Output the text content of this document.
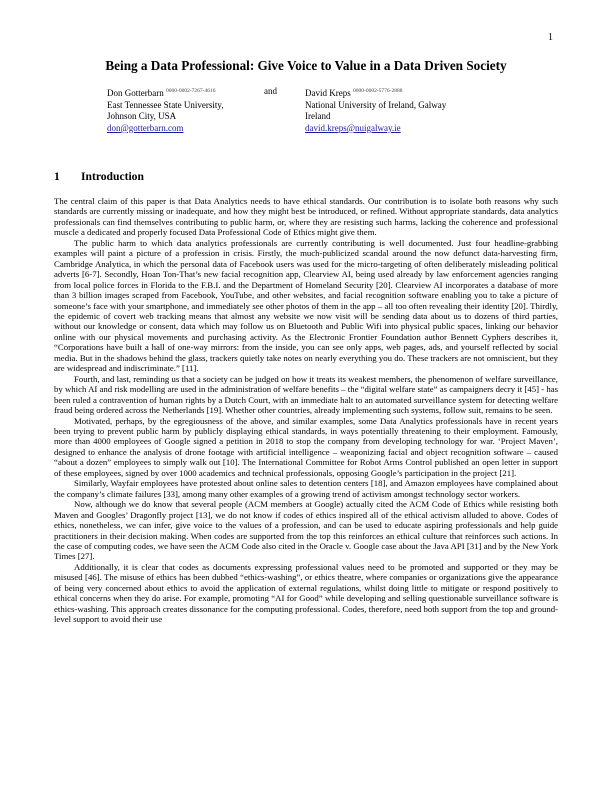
1
Being a Data Professional: Give Voice to Value in a Data Driven Society
Don Gotterbarn $^{0000-0002-7267-4616}$
East Tennessee State University,
Johnson City, USA
don@gotterbarn.com
and	David Kreps $^{0000-0002-5776-2888}$
National University of Ireland, Galway
Ireland
david.kreps@nuigalway.ie
1 Introduction

The central claim of this paper is that Data Analytics needs to have ethical standards. Our contribution is to isolate both reasons why such standards are currently missing or inadequate, and how they might best be introduced, or refined. Without appropriate standards, data analytics professionals can find themselves contributing to public harm, or, where they are resisting such harms, lacking the coherence and professional muscle a dedicated and properly focused Data Professional Code of Ethics might give them.

The public harm to which data analytics professionals are currently contributing is well documented. Just four headline-grabbing examples will paint a picture of a profession in crisis. Firstly, the much-publicized scandal around the now defunct data-harvesting firm, Cambridge Analytica, in which the personal data of Facebook users was used for the micro-targeting of often deliberately misleading political adverts [6-7]. Secondly, Hoan Ton-That’s new facial recognition app, Clearview AI, being used already by law enforcement agencies ranging from local police forces in Florida to the F.B.I. and the Department of Homeland Security [20]. Clearview AI incorporates a database of more than 3 billion images scraped from Facebook, YouTube, and other websites, and facial recognition software enabling you to take a picture of someone’s face with your smartphone, and immediately see other photos of them in the app – all too often revealing their identity [20]. Thirdly, the epidemic of covert web tracking means that almost any website we now visit will be sending data about us to dozens of third parties, without our knowledge or consent, data which may follow us on Bluetooth and Public Wifi into physical public spaces, linking our behavior online with our physical movements and purchasing activity. As the Electronic Frontier Foundation author Bennett Cyphers describes it, “Corporations have built a hall of one-way mirrors: from the inside, you can see only apps, web pages, ads, and yourself reflected by social media. But in the shadows behind the glass, trackers quietly take notes on nearly everything you do. These trackers are not omniscient, but they are widespread and indiscriminate.” [11].

Fourth, and last, reminding us that a society can be judged on how it treats its weakest members, the phenomenon of welfare surveillance, by which AI and risk modelling are used in the administration of welfare benefits – the “digital welfare state” as campaigners decry it [45] - has been ruled a contravention of human rights by a Dutch Court, with an immediate halt to an automated surveillance system for detecting welfare fraud being ordered across the Netherlands [19]. Whether other countries, already implementing such systems, follow suit, remains to be seen.

Motivated, perhaps, by the egregiousness of the above, and similar examples, some Data Analytics professionals have in recent years been trying to prevent public harm by publicly displaying ethical standards, in ways potentially threatening to their employment. Famously, more than 4000 employees of Google signed a petition in 2018 to stop the company from developing technology for war. ‘Project Maven’, designed to enhance the analysis of drone footage with artificial intelligence – weaponizing facial and object recognition software – caused “about a dozen” employees to simply walk out [10]. The International Committee for Robot Arms Control published an open letter in support of these employees, signed by over 1000 academics and technical professionals, opposing Google’s participation in the project [21].

Similarly, Wayfair employees have protested about online sales to detention centers [18], and Amazon employees have complained about the company’s climate failures [33], among many other examples of a growing trend of activism amongst technology sector workers.

Now, although we do know that several people (ACM members at Google) actually cited the ACM Code of Ethics while resisting both Maven and Googles’ Dragonfly project [13], we do not know if codes of ethics inspired all of the ethical activism alluded to above. Codes of ethics, nonetheless, we can infer, give voice to the values of a profession, and can be used to educate aspiring professionals and help guide practitioners in their decision making. When codes are supported from the top this reinforces an ethical culture that reinforces such actions. In the case of computing codes, we have seen the ACM Code also cited in the Oracle v. Google case about the Java API [31] and by the New York Times [27].

Additionally, it is clear that codes as documents expressing professional values need to be promoted and supported or they may be misused [46]. The misuse of ethics has been dubbed “ethics-washing”, or ethics theatre, where companies or organizations give the appearance of being very concerned about ethics to avoid the application of external regulations, whilst doing little to mitigate or respond positively to ethical concerns when they do arise. For example, promoting “AI for Good” while developing and selling questionable surveillance software is ethics-washing. This approach creates dissonance for the computing professional. Codes, therefore, need both support from the top and ground-level support to avoid their use
